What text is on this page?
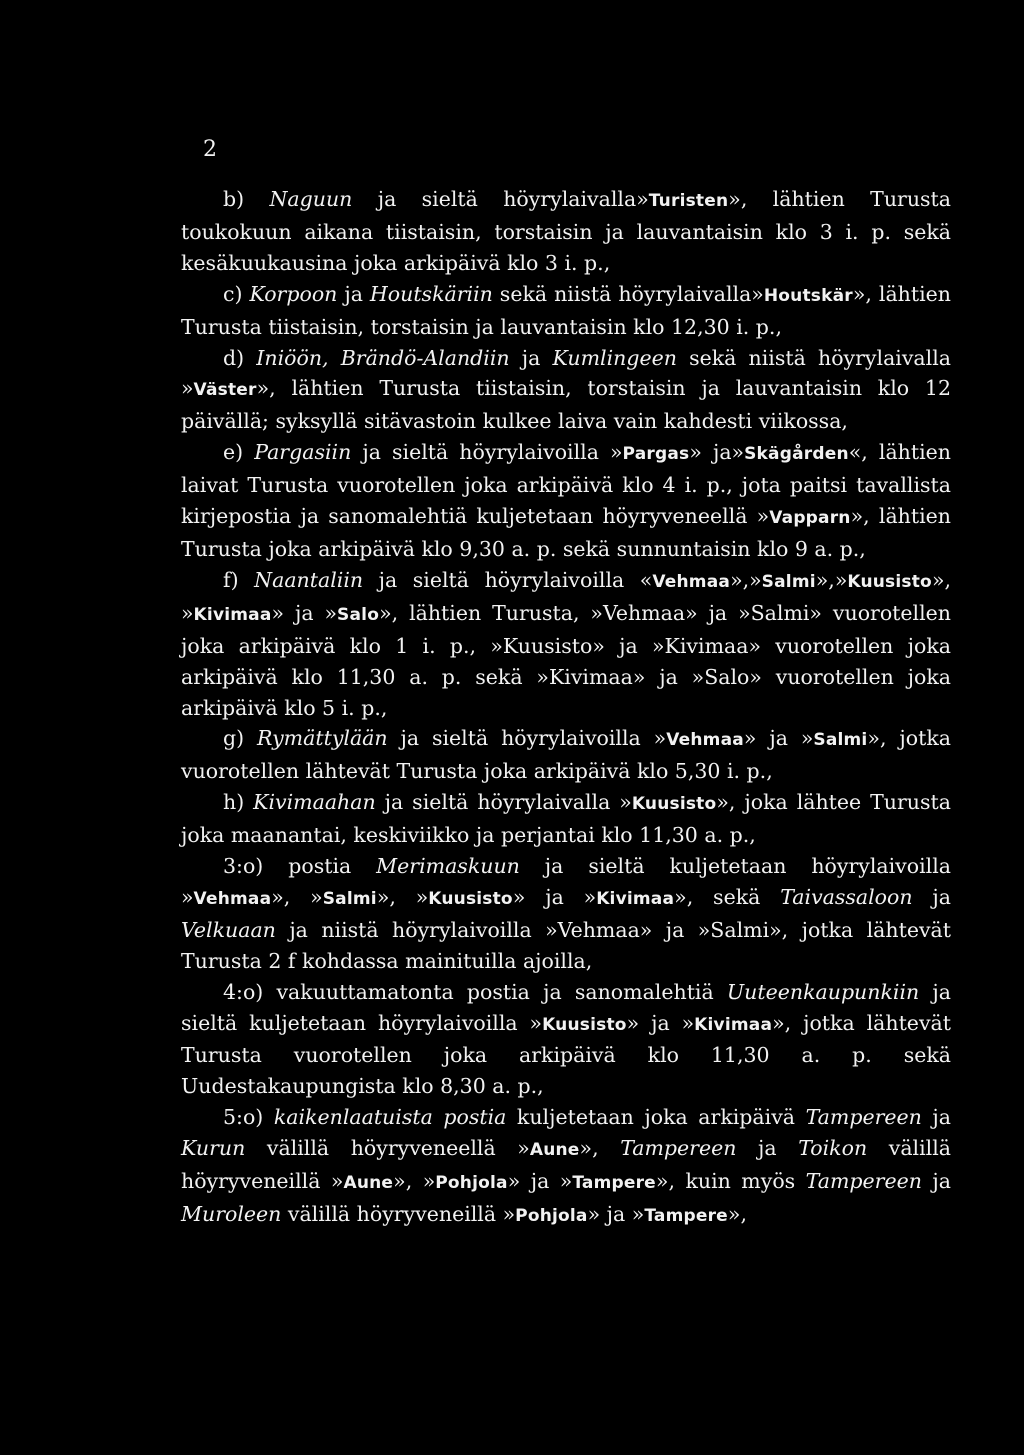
2

b) Naguun ja sieltä höyrylaivalla»Turisten», lähtien Turusta toukokuun aikana tiistaisin, torstaisin ja lauvantaisin klo 3 i. p. sekä kesäkuukausina joka arkipäivä klo 3 i. p.,

c) Korpoon ja Houtskäriin sekä niistä höyrylaivalla»Houtskär», lähtien Turusta tiistaisin, torstaisin ja lauvantaisin klo 12,30 i. p.,

d) Iniöön, Brändö-Alandiin ja Kumlingeen sekä niistä höyrylaivalla »Väster», lähtien Turusta tiistaisin, torstaisin ja lauvantaisin klo 12 päivällä; syksyllä sitävastoin kulkee laiva vain kahdesti viikossa,

e) Pargasiin ja sieltä höyrylaivoilla »Pargas» ja»Skägården«, lähtien laivat Turusta vuorotellen joka arkipäivä klo 4 i. p., jota paitsi tavallista kirjepostia ja sanomalehtiä kuljetetaan höyryveneellä »Vapparn», lähtien Turusta joka arkipäivä klo 9,30 a. p. sekä sunnuntaisin klo 9 a. p.,

f) Naantaliin ja sieltä höyrylaivoilla «Vehmaa»,»Salmi»,»Kuusisto», »Kivimaa» ja »Salo», lähtien Turusta, »Vehmaa» ja »Salmi» vuorotellen joka arkipäivä klo 1 i. p., »Kuusisto» ja »Kivimaa» vuorotellen joka arkipäivä klo 11,30 a. p. sekä »Kivimaa» ja »Salo» vuorotellen joka arkipäivä klo 5 i. p.,

g) Rymättylään ja sieltä höyrylaivoilla »Vehmaa» ja »Salmi», jotka vuorotellen lähtevät Turusta joka arkipäivä klo 5,30 i. p.,

h) Kivimaahan ja sieltä höyrylaivalla »Kuusisto», joka lähtee Turusta joka maanantai, keskiviikko ja perjantai klo 11,30 a. p.,

3:o) postia Merimaskuun ja sieltä kuljetetaan höyrylaivoilla »Vehmaa», »Salmi», »Kuusisto» ja »Kivimaa», sekä Taivassaloon ja Velkuaan ja niistä höyrylaivoilla »Vehmaa» ja »Salmi», jotka lähtevät Turusta 2 f kohdassa mainituilla ajoilla,

4:o) vakuuttamatonta postia ja sanomalehtiä Uuteenkaupunkiin ja sieltä kuljetetaan höyrylaivoilla »Kuusisto» ja »Kivimaa», jotka lähtevät Turusta vuorotellen joka arkipäivä klo 11,30 a. p. sekä Uudestakaupungista klo 8,30 a. p.,

5:o) kaikenlaatuista postia kuljetetaan joka arkipäivä Tampereen ja Kurun välillä höyryveneellä »Aune», Tampereen ja Toikon välillä höyryveneillä »Aune», »Pohjola» ja »Tampere», kuin myös Tampereen ja Muroleen välillä höyryveneillä »Pohjola» ja »Tampere»,
